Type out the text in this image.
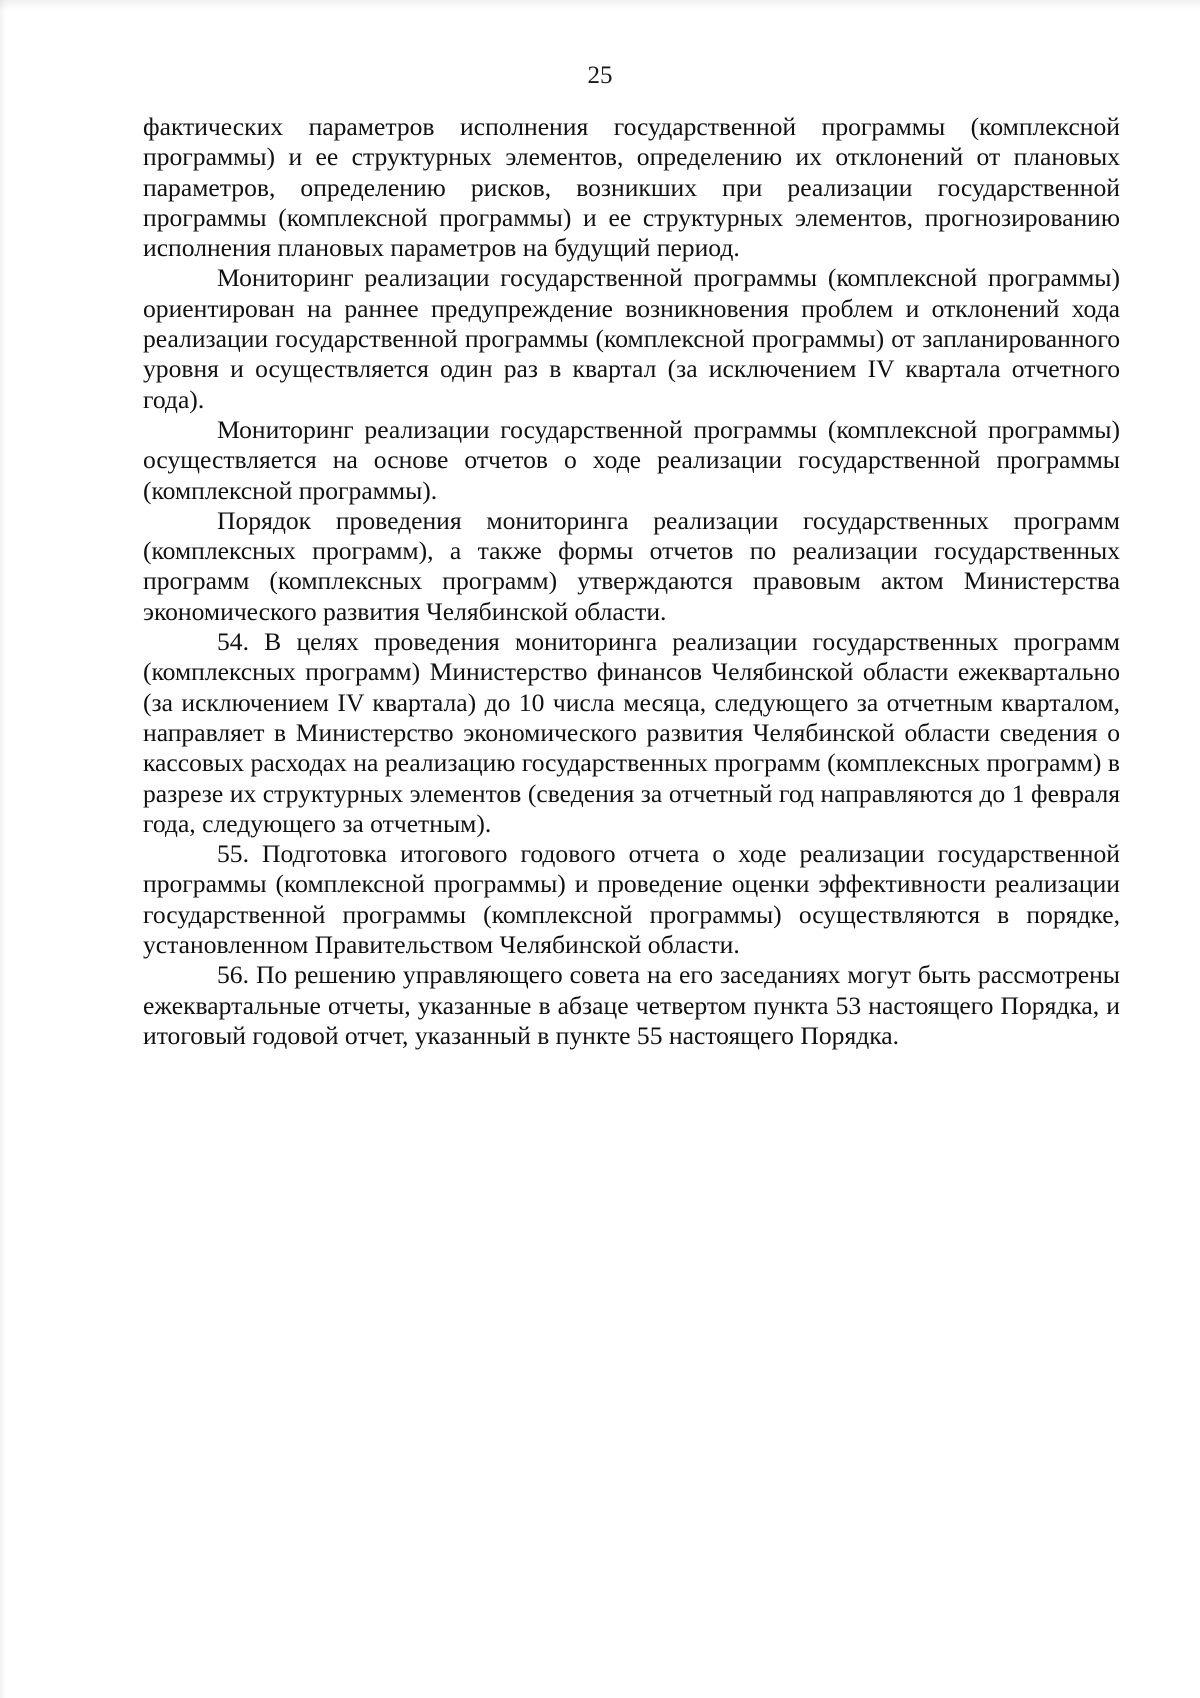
25

фактических параметров исполнения государственной программы (комплексной программы) и ее структурных элементов, определению их отклонений от плановых параметров, определению рисков, возникших при реализации государственной программы (комплексной программы) и ее структурных элементов, прогнозированию исполнения плановых параметров на будущий период.

Мониторинг реализации государственной программы (комплексной программы) ориентирован на раннее предупреждение возникновения проблем и отклонений хода реализации государственной программы (комплексной программы) от запланированного уровня и осуществляется один раз в квартал (за исключением IV квартала отчетного года).

Мониторинг реализации государственной программы (комплексной программы) осуществляется на основе отчетов о ходе реализации государственной программы (комплексной программы).

Порядок проведения мониторинга реализации государственных программ (комплексных программ), а также формы отчетов по реализации государственных программ (комплексных программ) утверждаются правовым актом Министерства экономического развития Челябинской области.

54. В целях проведения мониторинга реализации государственных программ (комплексных программ) Министерство финансов Челябинской области ежеквартально (за исключением IV квартала) до 10 числа месяца, следующего за отчетным кварталом, направляет в Министерство экономического развития Челябинской области сведения о кассовых расходах на реализацию государственных программ (комплексных программ) в разрезе их структурных элементов (сведения за отчетный год направляются до 1 февраля года, следующего за отчетным).

55. Подготовка итогового годового отчета о ходе реализации государственной программы (комплексной программы) и проведение оценки эффективности реализации государственной программы (комплексной программы) осуществляются в порядке, установленном Правительством Челябинской области.

56. По решению управляющего совета на его заседаниях могут быть рассмотрены ежеквартальные отчеты, указанные в абзаце четвертом пункта 53 настоящего Порядка, и итоговый годовой отчет, указанный в пункте 55 настоящего Порядка.
